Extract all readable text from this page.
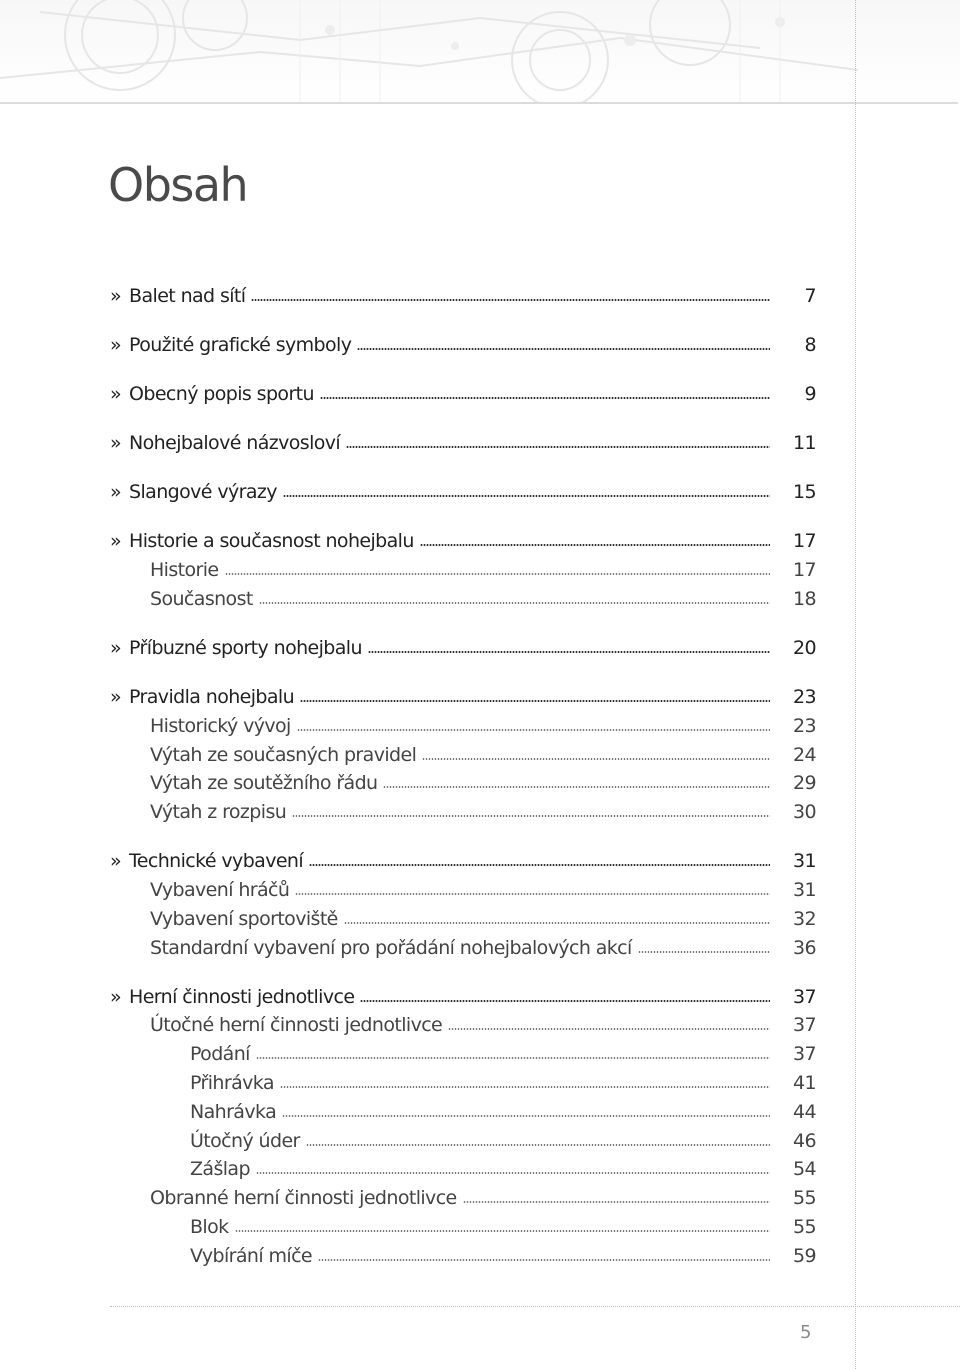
Obsah
» Balet nad sítí	7
» Použité grafické symboly	8
» Obecný popis sportu	9
» Nohejbalové názvosloví	11
» Slangové výrazy	15
» Historie a současnost nohejbalu	17
Historie	17
Současnost	18
» Příbuzné sporty nohejbalu	20
» Pravidla nohejbalu	23
Historický vývoj	23
Výtah ze současných pravidel	24
Výtah ze soutěžního řádu	29
Výtah z rozpisu	30
» Technické vybavení	31
Vybavení hráčů	31
Vybavení sportoviště	32
Standardní vybavení pro pořádání nohejbalových akcí	36
» Herní činnosti jednotlivce	37
Útočné herní činnosti jednotlivce	37
Podání	37
Přihrávka	41
Nahrávka	44
Útočný úder	46
Zášlap	54
Obranné herní činnosti jednotlivce	55
Blok	55
Vybírání míče	59
5
